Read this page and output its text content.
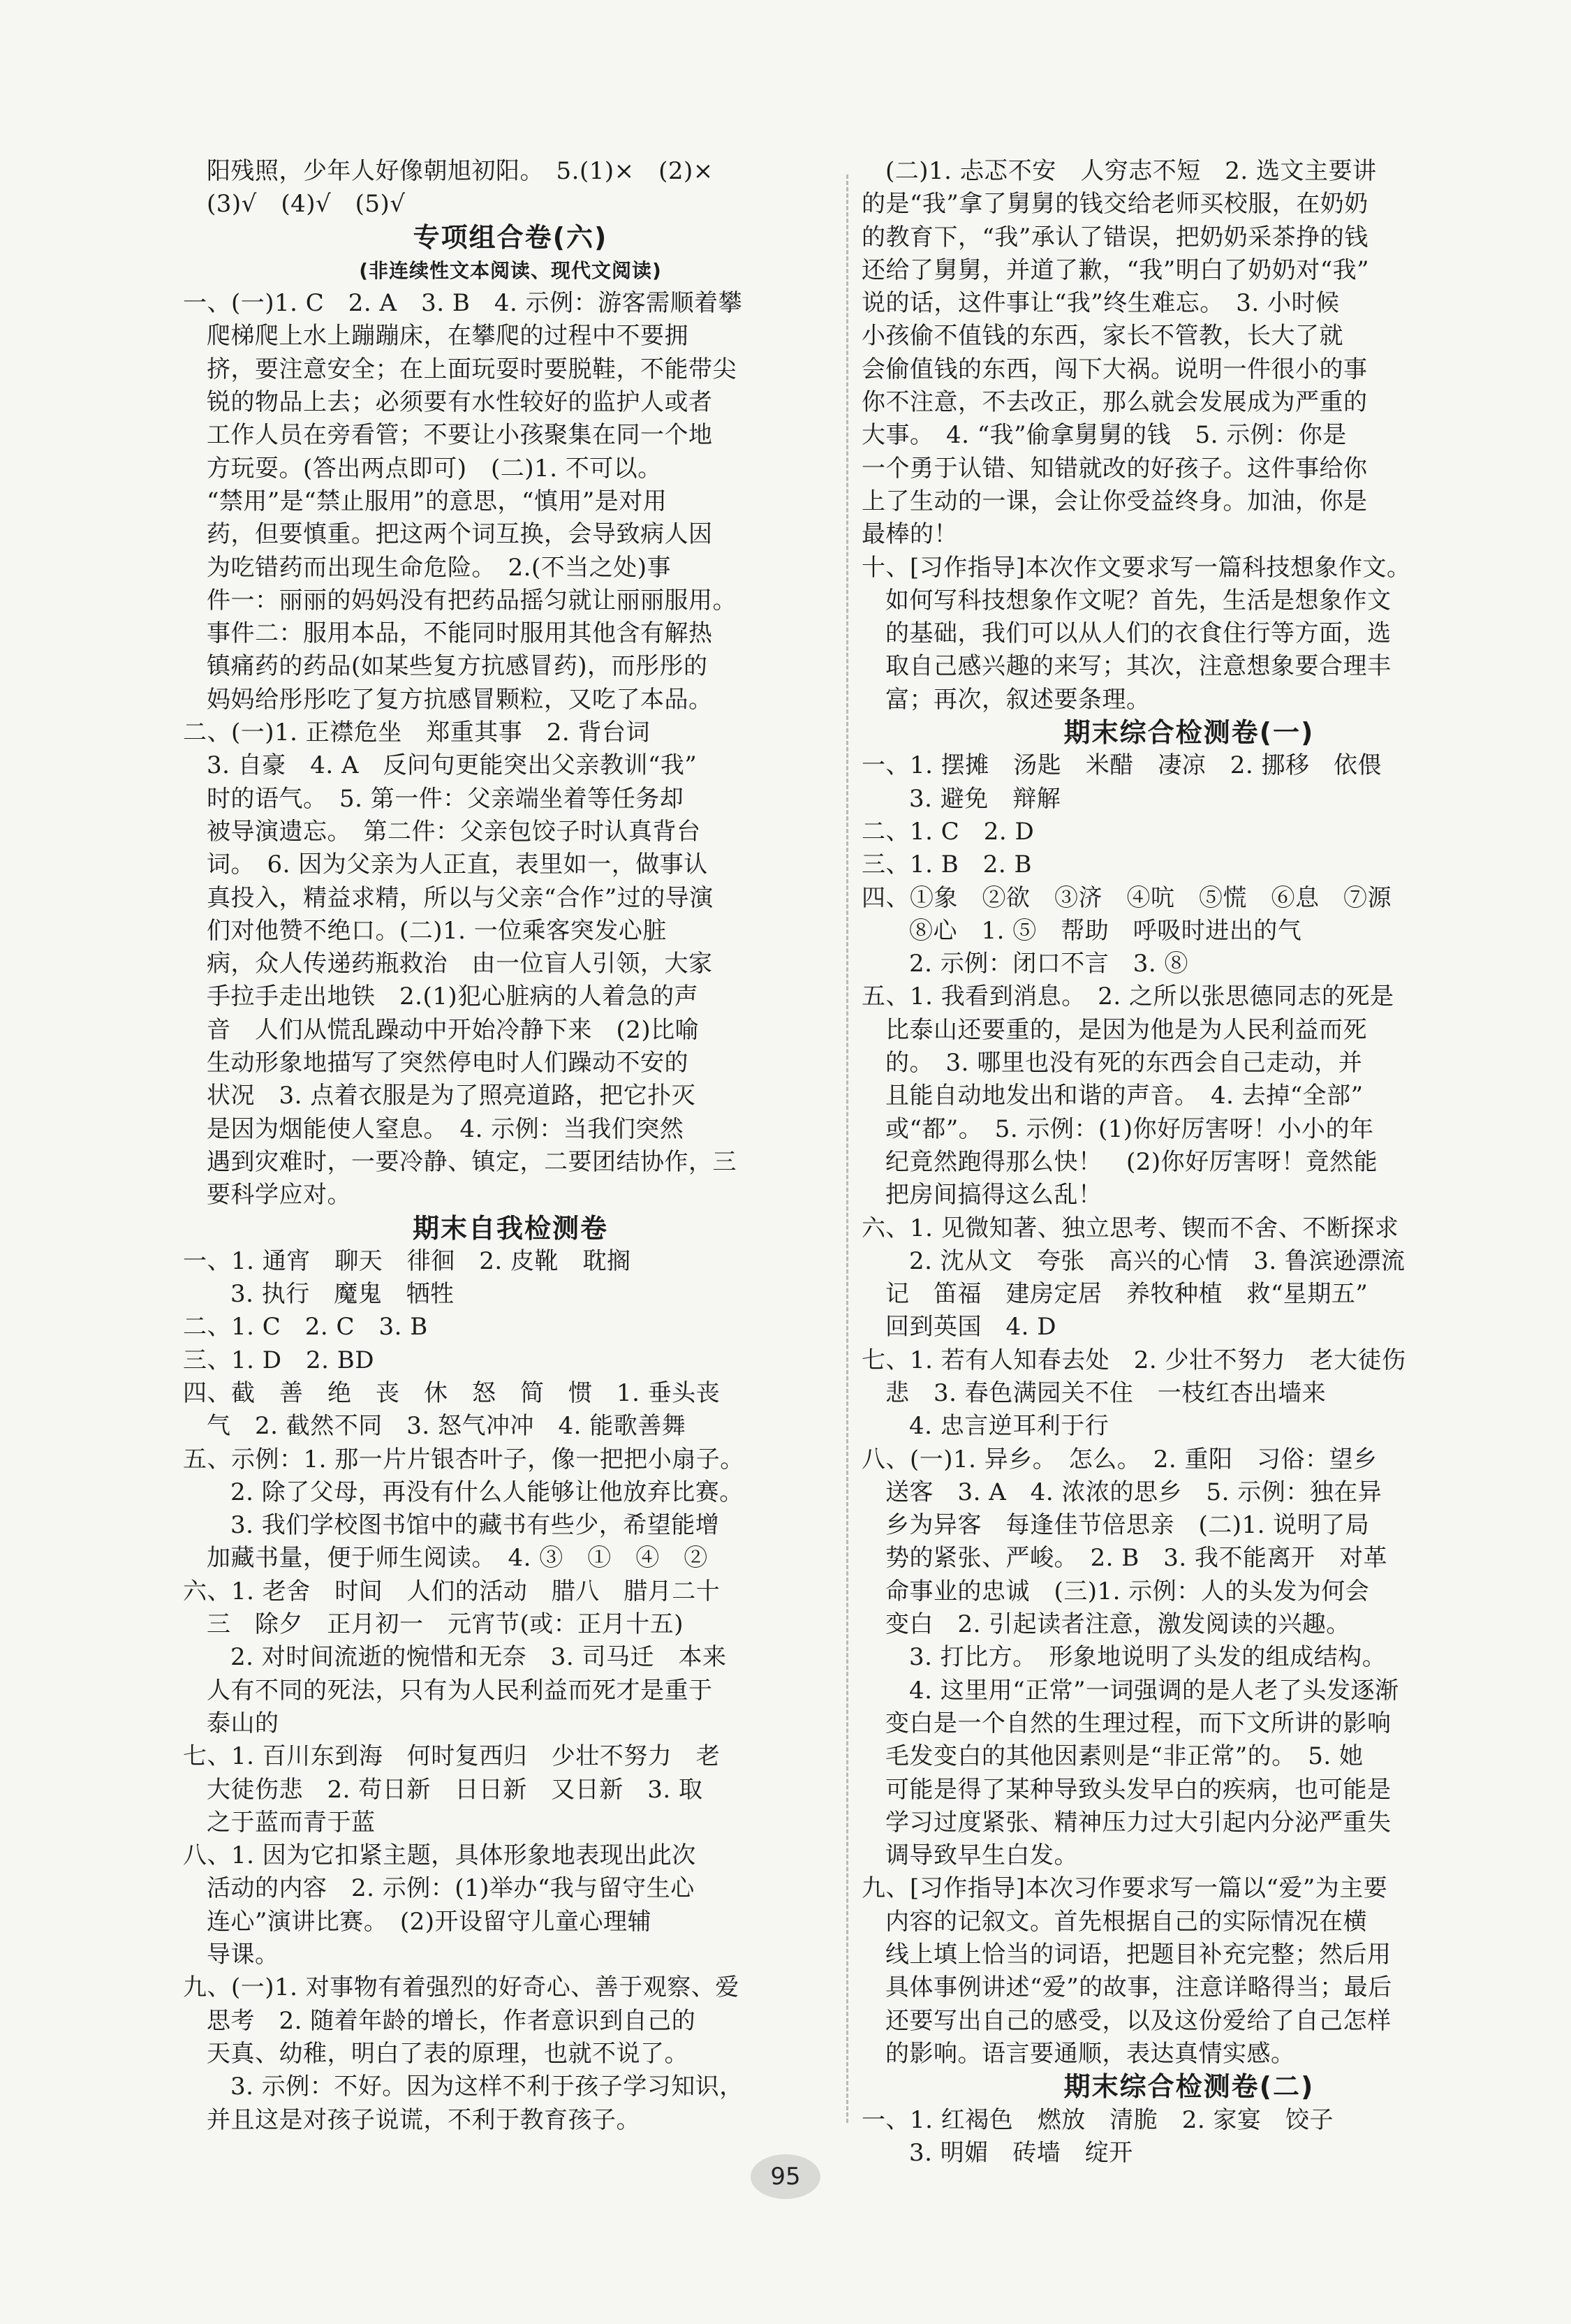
阳残照，少年人好像朝旭初阳。　5.(1)×　(2)×
(3)√　(4)√　(5)√
专项组合卷(六)
(非连续性文本阅读、现代文阅读)
一、(一)1. C　2. A　3. B　4. 示例：游客需顺着攀
爬梯爬上水上蹦蹦床，在攀爬的过程中不要拥
挤，要注意安全；在上面玩耍时要脱鞋，不能带尖
锐的物品上去；必须要有水性较好的监护人或者
工作人员在旁看管；不要让小孩聚集在同一个地
方玩耍。(答出两点即可)　(二)1. 不可以。
“禁用”是“禁止服用”的意思，“慎用”是对用
药，但要慎重。把这两个词互换，会导致病人因
为吃错药而出现生命危险。　2.(不当之处)事
件一：丽丽的妈妈没有把药品摇匀就让丽丽服用。
事件二：服用本品，不能同时服用其他含有解热
镇痛药的药品(如某些复方抗感冒药)，而彤彤的
妈妈给彤彤吃了复方抗感冒颗粒，又吃了本品。
二、(一)1. 正襟危坐　郑重其事　2. 背台词
3. 自豪　4. A　反问句更能突出父亲教训“我”
时的语气。　5. 第一件：父亲端坐着等任务却
被导演遗忘。　第二件：父亲包饺子时认真背台
词。　6. 因为父亲为人正直，表里如一，做事认
真投入，精益求精，所以与父亲“合作”过的导演
们对他赞不绝口。(二)1. 一位乘客突发心脏
病，众人传递药瓶救治　由一位盲人引领，大家
手拉手走出地铁　2.(1)犯心脏病的人着急的声
音　人们从慌乱躁动中开始冷静下来　(2)比喻
生动形象地描写了突然停电时人们躁动不安的
状况　3. 点着衣服是为了照亮道路，把它扑灭
是因为烟能使人窒息。　4. 示例：当我们突然
遇到灾难时，一要冷静、镇定，二要团结协作，三
要科学应对。
期末自我检测卷
一、1. 通宵　聊天　徘徊　2. 皮靴　耽搁
3. 执行　魔鬼　牺牲
二、1. C　2. C　3. B
三、1. D　2. BD
四、截　善　绝　丧　休　怒　简　惯　1. 垂头丧
气　2. 截然不同　3. 怒气冲冲　4. 能歌善舞
五、示例：1. 那一片片银杏叶子，像一把把小扇子。
2. 除了父母，再没有什么人能够让他放弃比赛。
3. 我们学校图书馆中的藏书有些少，希望能增
加藏书量，便于师生阅读。　4. ③　①　④　②
六、1. 老舍　时间　人们的活动　腊八　腊月二十
三　除夕　正月初一　元宵节(或：正月十五)
2. 对时间流逝的惋惜和无奈　3. 司马迁　本来
人有不同的死法，只有为人民利益而死才是重于
泰山的
七、1. 百川东到海　何时复西归　少壮不努力　老
大徒伤悲　2. 苟日新　日日新　又日新　3. 取
之于蓝而青于蓝
八、1. 因为它扣紧主题，具体形象地表现出此次
活动的内容　2. 示例：(1)举办“我与留守生心
连心”演讲比赛。　(2)开设留守儿童心理辅
导课。
九、(一)1. 对事物有着强烈的好奇心、善于观察、爱
思考　2. 随着年龄的增长，作者意识到自己的
天真、幼稚，明白了表的原理，也就不说了。
3. 示例：不好。因为这样不利于孩子学习知识，
并且这是对孩子说谎，不利于教育孩子。
(二)1. 忐忑不安　人穷志不短　2. 选文主要讲
的是“我”拿了舅舅的钱交给老师买校服，在奶奶
的教育下，“我”承认了错误，把奶奶采茶挣的钱
还给了舅舅，并道了歉，“我”明白了奶奶对“我”
说的话，这件事让“我”终生难忘。　3. 小时候
小孩偷不值钱的东西，家长不管教，长大了就
会偷值钱的东西，闯下大祸。说明一件很小的事
你不注意，不去改正，那么就会发展成为严重的
大事。　4. “我”偷拿舅舅的钱　5. 示例：你是
一个勇于认错、知错就改的好孩子。这件事给你
上了生动的一课，会让你受益终身。加油，你是
最棒的！
十、[习作指导]本次作文要求写一篇科技想象作文。
如何写科技想象作文呢？首先，生活是想象作文
的基础，我们可以从人们的衣食住行等方面，选
取自己感兴趣的来写；其次，注意想象要合理丰
富；再次，叙述要条理。
期末综合检测卷(一)
一、1. 摆摊　汤匙　米醋　凄凉　2. 挪移　依偎
3. 避免　辩解
二、1. C　2. D
三、1. B　2. B
四、①象　②欲　③济　④吭　⑤慌　⑥息　⑦源
⑧心　1. ⑤　帮助　呼吸时进出的气
2. 示例：闭口不言　3. ⑧
五、1. 我看到消息。　2. 之所以张思德同志的死是
比泰山还要重的，是因为他是为人民利益而死
的。　3. 哪里也没有死的东西会自己走动，并
且能自动地发出和谐的声音。　4. 去掉“全部”
或“都”。　5. 示例：(1)你好厉害呀！小小的年
纪竟然跑得那么快！　(2)你好厉害呀！竟然能
把房间搞得这么乱！
六、1. 见微知著、独立思考、锲而不舍、不断探求
2. 沈从文　夸张　高兴的心情　3. 鲁滨逊漂流
记　笛福　建房定居　养牧种植　救“星期五”
回到英国　4. D
七、1. 若有人知春去处　2. 少壮不努力　老大徒伤
悲　3. 春色满园关不住　一枝红杏出墙来
4. 忠言逆耳利于行
八、(一)1. 异乡。　怎么。　2. 重阳　习俗：望乡
送客　3. A　4. 浓浓的思乡　5. 示例：独在异
乡为异客　每逢佳节倍思亲　(二)1. 说明了局
势的紧张、严峻。　2. B　3. 我不能离开　对革
命事业的忠诚　(三)1. 示例：人的头发为何会
变白　2. 引起读者注意，激发阅读的兴趣。
3. 打比方。　形象地说明了头发的组成结构。
4. 这里用“正常”一词强调的是人老了头发逐渐
变白是一个自然的生理过程，而下文所讲的影响
毛发变白的其他因素则是“非正常”的。　5. 她
可能是得了某种导致头发早白的疾病，也可能是
学习过度紧张、精神压力过大引起内分泌严重失
调导致早生白发。
九、[习作指导]本次习作要求写一篇以“爱”为主要
内容的记叙文。首先根据自己的实际情况在横
线上填上恰当的词语，把题目补充完整；然后用
具体事例讲述“爱”的故事，注意详略得当；最后
还要写出自己的感受，以及这份爱给了自己怎样
的影响。语言要通顺，表达真情实感。
期末综合检测卷(二)
一、1. 红褐色　燃放　清脆　2. 家宴　饺子
3. 明媚　砖墙　绽开
95
